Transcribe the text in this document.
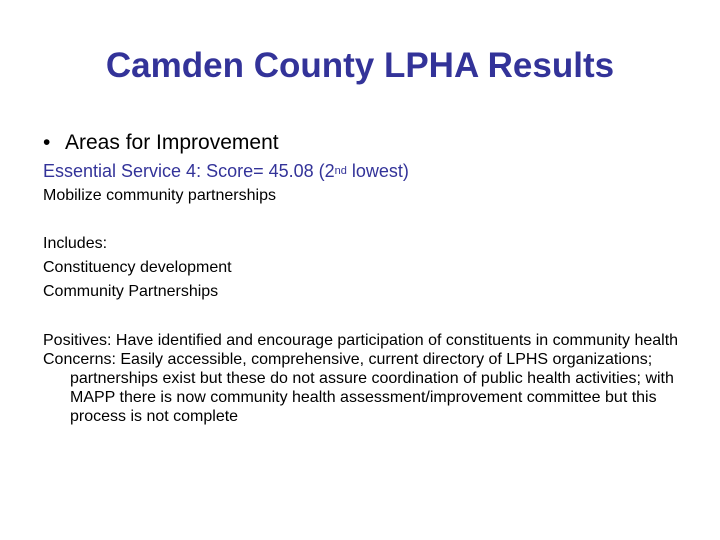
Camden County LPHA Results
• Areas for Improvement
Essential Service 4: Score= 45.08 (2nd lowest)

Mobilize community partnerships

Includes:

Constituency development

Community Partnerships

Positives: Have identified and encourage participation of constituents in community health

Concerns: Easily accessible, comprehensive, current directory of LPHS organizations; partnerships exist but these do not assure coordination of public health activities; with MAPP there is now community health assessment/improvement committee but this process is not complete
